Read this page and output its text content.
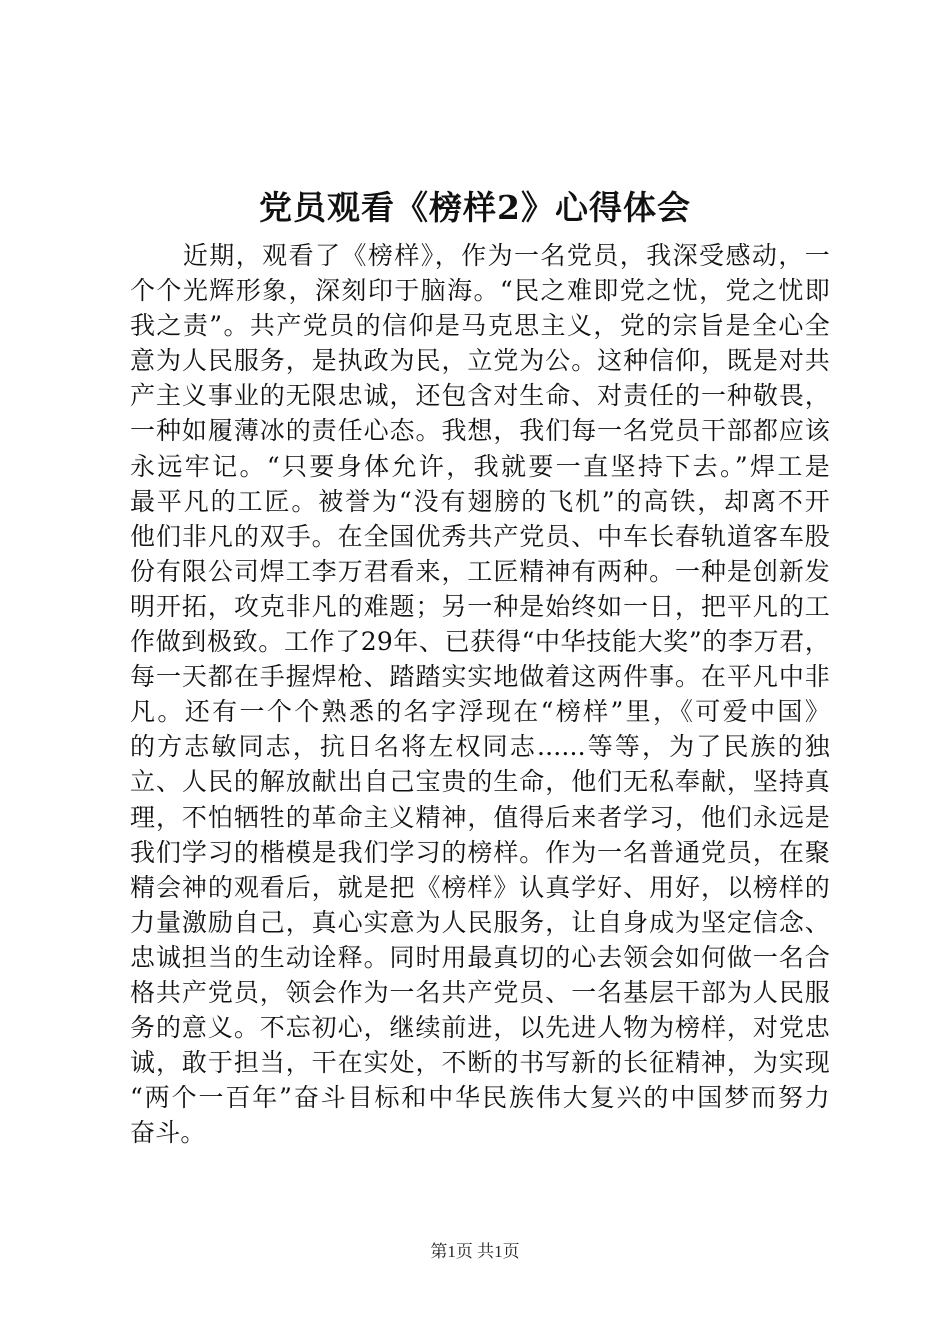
党员观看《榜样2》心得体会
　　近期，观看了《榜样》，作为一名党员，我深受感动，一
个个光辉形象，深刻印于脑海。“民之难即党之忧，党之忧即
我之责”。共产党员的信仰是马克思主义，党的宗旨是全心全
意为人民服务，是执政为民，立党为公。这种信仰，既是对共
产主义事业的无限忠诚，还包含对生命、对责任的一种敬畏，
一种如履薄冰的责任心态。我想，我们每一名党员干部都应该
永远牢记。“只要身体允许，我就要一直坚持下去。”焊工是
最平凡的工匠。被誉为“没有翅膀的飞机”的高铁，却离不开
他们非凡的双手。在全国优秀共产党员、中车长春轨道客车股
份有限公司焊工李万君看来，工匠精神有两种。一种是创新发
明开拓，攻克非凡的难题；另一种是始终如一日，把平凡的工
作做到极致。工作了29年、已获得“中华技能大奖”的李万君，
每一天都在手握焊枪、踏踏实实地做着这两件事。在平凡中非
凡。还有一个个熟悉的名字浮现在“榜样”里，《可爱中国》
的方志敏同志，抗日名将左权同志......等等，为了民族的独
立、人民的解放献出自己宝贵的生命，他们无私奉献，坚持真
理，不怕牺牲的革命主义精神，值得后来者学习，他们永远是
我们学习的楷模是我们学习的榜样。作为一名普通党员，在聚
精会神的观看后，就是把《榜样》认真学好、用好，以榜样的
力量激励自己，真心实意为人民服务，让自身成为坚定信念、
忠诚担当的生动诠释。同时用最真切的心去领会如何做一名合
格共产党员，领会作为一名共产党员、一名基层干部为人民服
务的意义。不忘初心，继续前进，以先进人物为榜样，对党忠
诚，敢于担当，干在实处，不断的书写新的长征精神，为实现
“两个一百年”奋斗目标和中华民族伟大复兴的中国梦而努力
奋斗。
第1页 共1页
